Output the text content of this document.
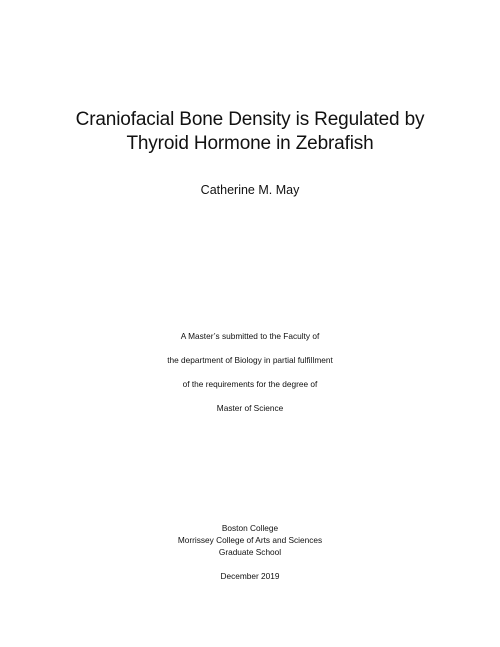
Craniofacial Bone Density is Regulated by
Thyroid Hormone in Zebrafish
Catherine M. May
A Master’s submitted to the Faculty of
the department of Biology in partial fulfillment
of the requirements for the degree of
Master of Science
Boston College
Morrissey College of Arts and Sciences
Graduate School
December 2019
